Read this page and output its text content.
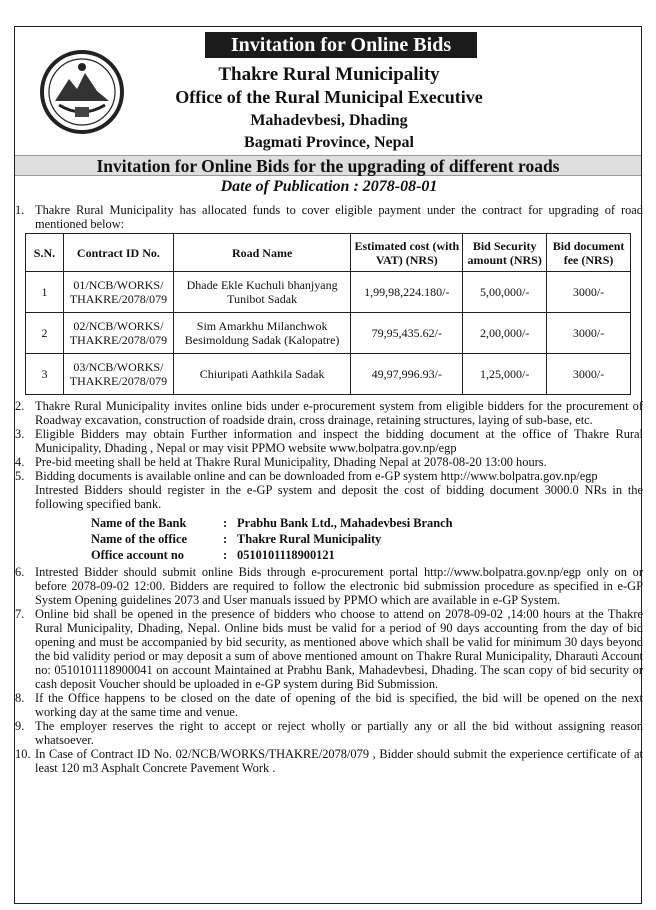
Invitation for Online Bids
Thakre Rural Municipality
Office of the Rural Municipal Executive
Mahadevbesi, Dhading
Bagmati Province, Nepal
Invitation for Online Bids for the upgrading of different roads
Date of Publication : 2078-08-01
1. Thakre Rural Municipality has allocated funds to cover eligible payment under the contract for upgrading of road mentioned below:
S.N.	Contract ID No.	Road Name	Estimated cost (with VAT) (NRS)	Bid Security amount (NRS)	Bid document fee (NRS)
1	01/NCB/WORKS/ THAKRE/2078/079	Dhade Ekle Kuchuli bhanjyang Tunibot Sadak	1,99,98,224.180/-	5,00,000/-	3000/-
2	02/NCB/WORKS/ THAKRE/2078/079	Sim Amarkhu Milanchwok Besimoldung Sadak (Kalopatre)	79,95,435.62/-	2,00,000/-	3000/-
3	03/NCB/WORKS/ THAKRE/2078/079	Chiuripati Aathkila Sadak	49,97,996.93/-	1,25,000/-	3000/-
2. Thakre Rural Municipality invites online bids under e-procurement system from eligible bidders for the procurement of Roadway excavation, construction of roadside drain, cross drainage, retaining structures, laying of sub-base, etc.
3. Eligible Bidders may obtain Further information and inspect the bidding document at the office of Thakre Rural Municipality, Dhading , Nepal or may visit PPMO website www.bolpatra.gov.np/egp
4. Pre-bid meeting shall be held at Thakre Rural Municipality, Dhading Nepal at 2078-08-20 13:00 hours.
5. Bidding documents is available online and can be downloaded from e-GP system http://www.bolpatra.gov.np/egp
Intrested Bidders should register in the e-GP system and deposit the cost of bidding document 3000.0 NRs in the following specified bank.
Name of the Bank	: Prabhu Bank Ltd., Mahadevbesi Branch
Name of the office	: Thakre Rural Municipality
Office account no	: 0510101118900121
6. Intrested Bidder should submit online Bids through e-procurement portal http://www.bolpatra.gov.np/egp only on or before 2078-09-02 12:00. Bidders are required to follow the electronic bid submission procedure as specified in e-GP System Opening guidelines 2073 and User manuals issued by PPMO which are available in e-GP System.
7. Online bid shall be opened in the presence of bidders who choose to attend on 2078-09-02 ,14:00 hours at the Thakre Rural Municipality, Dhading, Nepal. Online bids must be valid for a period of 90 days accounting from the day of bid opening and must be accompanied by bid security, as mentioned above which shall be valid for minimum 30 days beyond the bid validity period or may deposit a sum of above mentioned amount on Thakre Rural Municipality, Dharauti Account no: 0510101118900041 on account Maintained at Prabhu Bank, Mahadevbesi, Dhading. The scan copy of bid security or cash deposit Voucher should be uploaded in e-GP system during Bid Submission.
8. If the Office happens to be closed on the date of opening of the bid is specified, the bid will be opened on the next working day at the same time and venue.
9. The employer reserves the right to accept or reject wholly or partially any or all the bid without assigning reason whatsoever.
10. In Case of Contract ID No. 02/NCB/WORKS/THAKRE/2078/079 , Bidder should submit the experience certificate of at least 120 m3 Asphalt Concrete Pavement Work .
